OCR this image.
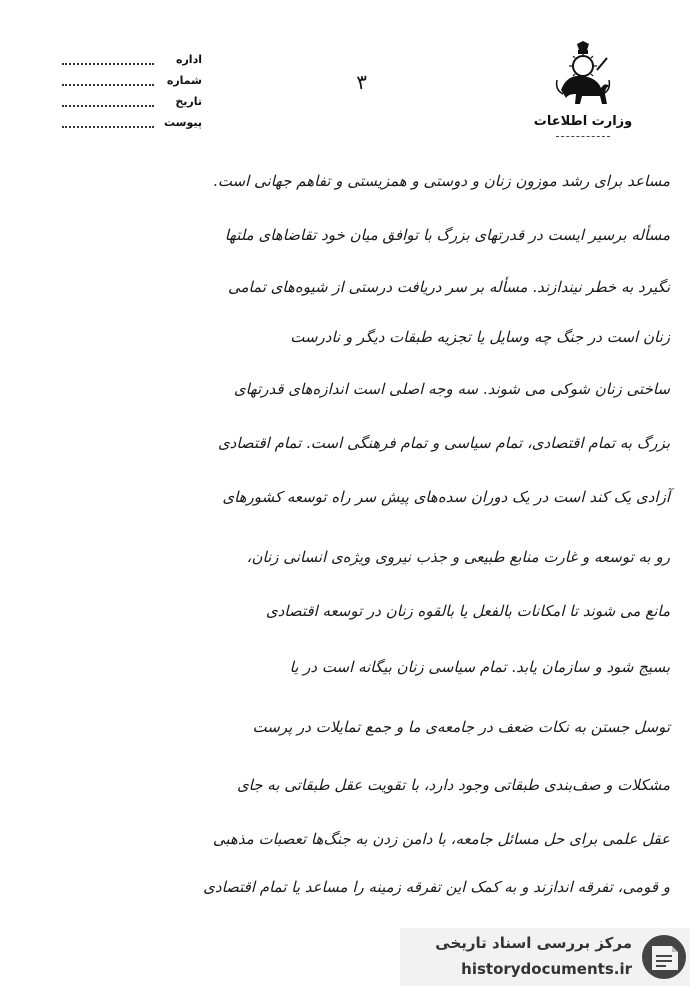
وزارت اطلاعات
اداره
شماره
تاریخ
پیوست
۳
مساعد برای رشد موزون زنان و دوستی و همزیستی و تفاهم جهانی است.
مسأله برسیر ایست در قدرتهای بزرگ با توافق میان خود تقاضاهای ملتها
نگیرد به خطر نیندازند. مسأله بر سر دریافت درستی از شیوه‌های تمامی
زنان است در جنگ چه وسایل یا تجزیه طبقات دیگر و نادرست
ساختی زنان شوکی می شوند. سه وجه اصلی است اندازه‌های قدرتهای
بزرگ به تمام اقتصادی، تمام سیاسی و تمام فرهنگی است. تمام اقتصادی
آزادی یک کند است در یک دوران سده‌های پیش سر راه توسعه کشورهای
رو به توسعه و غارت منابع طبیعی و جذب نیروی ویژه‌ی انسانی زنان،
مانع می شوند تا امکانات بالفعل یا بالقوه زنان در توسعه اقتصادی
بسیج شود و سازمان یابد. تمام سیاسی زنان بیگانه است در یا
توسل جستن به نکات ضعف در جامعه‌ی ما و جمع تمایلات در پرست
مشکلات و صف‌بندی طبقاتی وجود دارد، با تقویت عقل طبقاتی به جای
عقل علمی برای حل مسائل جامعه، با دامن زدن به جنگ‌ها تعصبات مذهبی
و قومی، تفرقه اندازند و به کمک این تفرقه زمینه را مساعد یا تمام اقتصادی
مرکز بررسی اسناد تاریخی
historydocuments.ir
